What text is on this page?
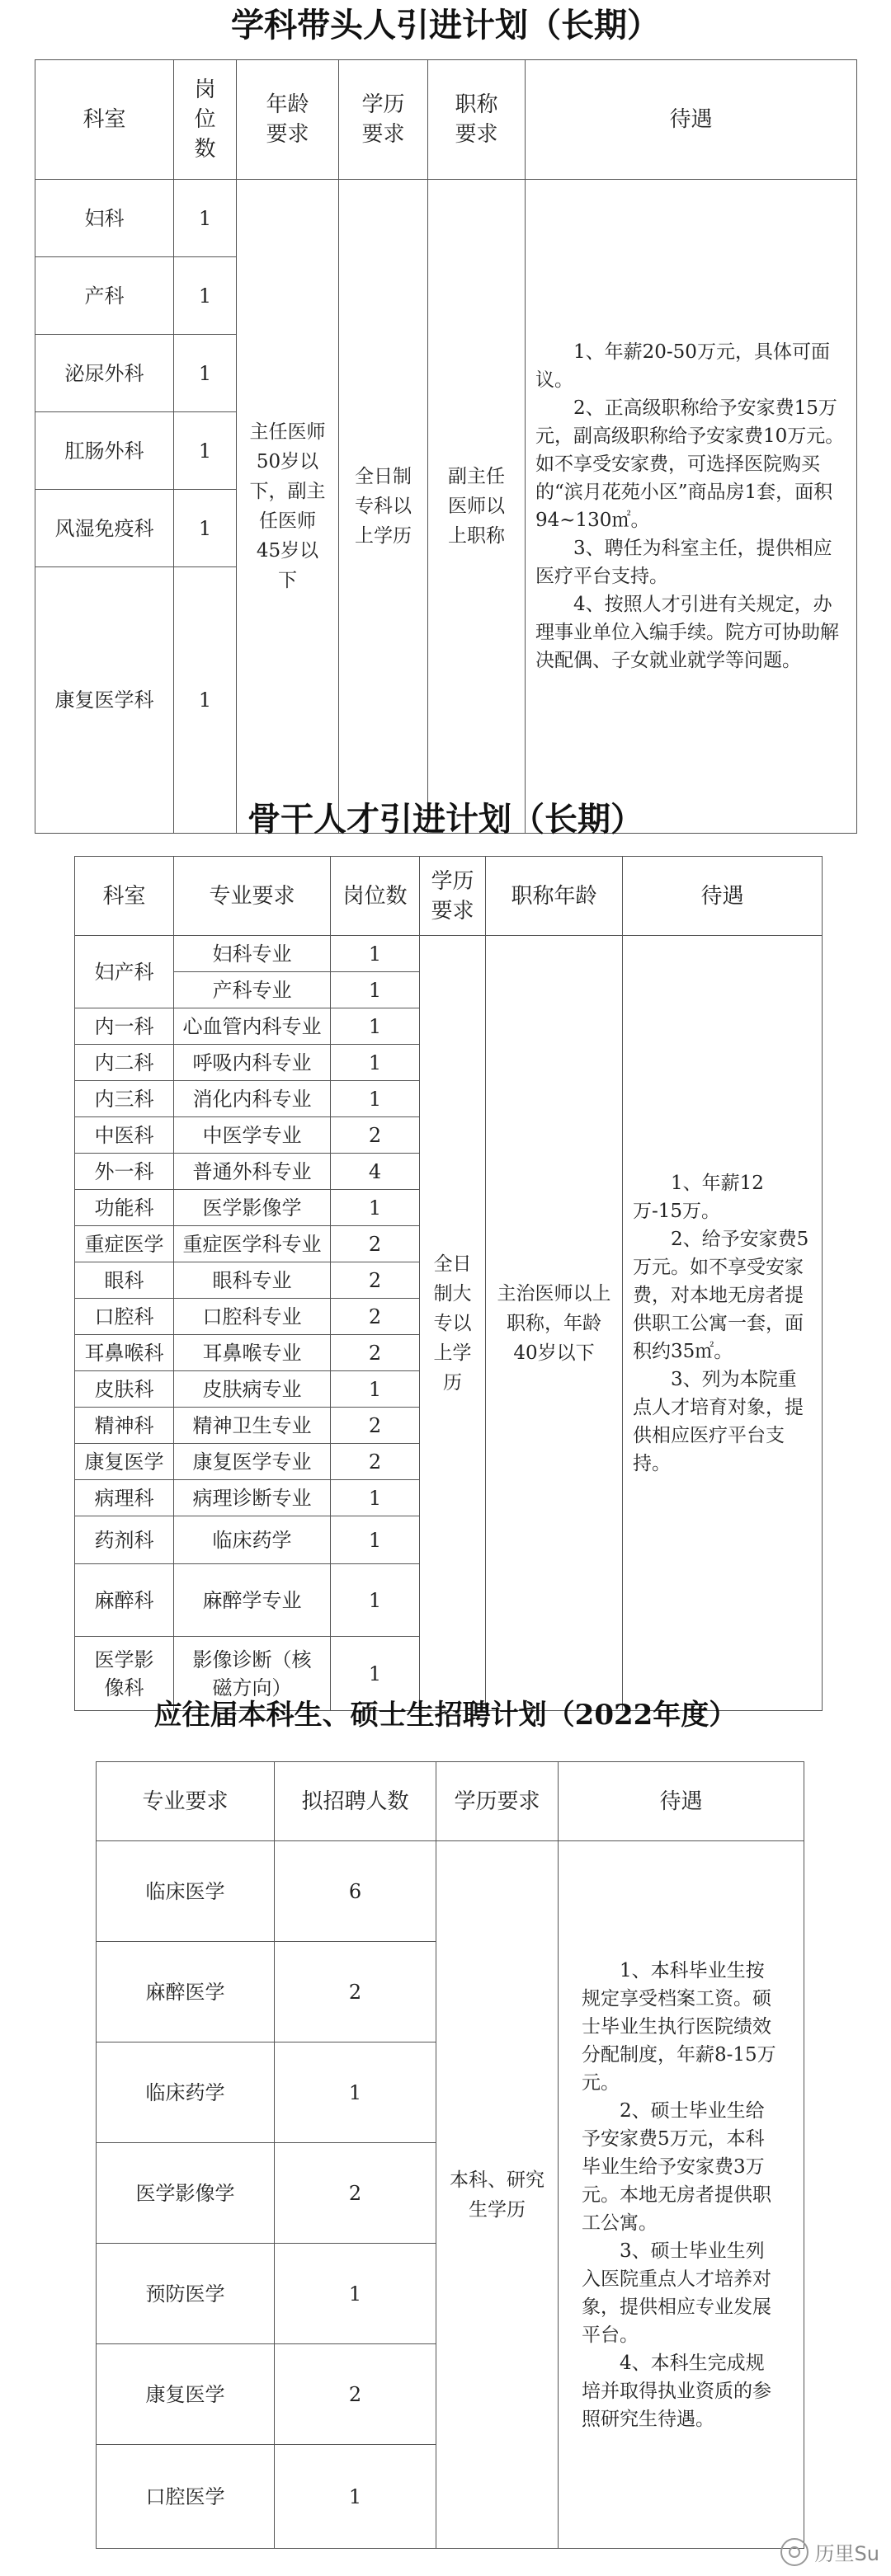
学科带头人引进计划（长期）
科室	岗位数	年龄要求	学历要求	职称要求	待遇
妇科	1	主任医师50岁以下，副主任医师45岁以下	全日制专科以上学历	副主任医师以上职称	1、年薪20-50万元，具体可面议。

2、正高级职称给予安家费15万元，副高级职称给予安家费10万元。如不享受安家费，可选择医院购买的“滨月花苑小区”商品房1套，面积94~130㎡。

3、聘任为科室主任，提供相应医疗平台支持。

4、按照人才引进有关规定，办理事业单位入编手续。院方可协助解决配偶、子女就业就学等问题。

产科	1				
泌尿外科	1				
肛肠外科	1				
风湿免疫科	1				
康复医学科	1				
骨干人才引进计划（长期）
科室	专业要求	岗位数	学历要求	职称年龄	待遇
妇产科	妇科专业	1	全日制大专以上学历	主治医师以上职称，年龄40岁以下	1、年薪12万-15万。

2、给予安家费5万元。如不享受安家费，对本地无房者提供职工公寓一套，面积约35㎡。

3、列为本院重点人才培育对象，提供相应医疗平台支持。

	产科专业	1			
内一科	心血管内科专业	1			
内二科	呼吸内科专业	1			
内三科	消化内科专业	1			
中医科	中医学专业	2			
外一科	普通外科专业	4			
功能科	医学影像学	1			
重症医学	重症医学科专业	2			
眼科	眼科专业	2			
口腔科	口腔科专业	2			
耳鼻喉科	耳鼻喉专业	2			
皮肤科	皮肤病专业	1			
精神科	精神卫生专业	2			
康复医学	康复医学专业	2			
病理科	病理诊断专业	1			
药剂科	临床药学	1			
麻醉科	麻醉学专业	1			
医学影像科	影像诊断（核磁方向）	1			
应往届本科生、硕士生招聘计划（2022年度）
专业要求	拟招聘人数	学历要求	待遇
临床医学	6	本科、研究生学历	1、本科毕业生按规定享受档案工资。硕士毕业生执行医院绩效分配制度，年薪8-15万元。

2、硕士毕业生给予安家费5万元，本科毕业生给予安家费3万元。本地无房者提供职工公寓。

3、硕士毕业生列入医院重点人才培养对象，提供相应专业发展平台。

4、本科生完成规培并取得执业资质的参照研究生待遇。

麻醉医学	2		
临床药学	1		
医学影像学	2		
预防医学	1		
康复医学	2		
口腔医学	1		
历里Su
